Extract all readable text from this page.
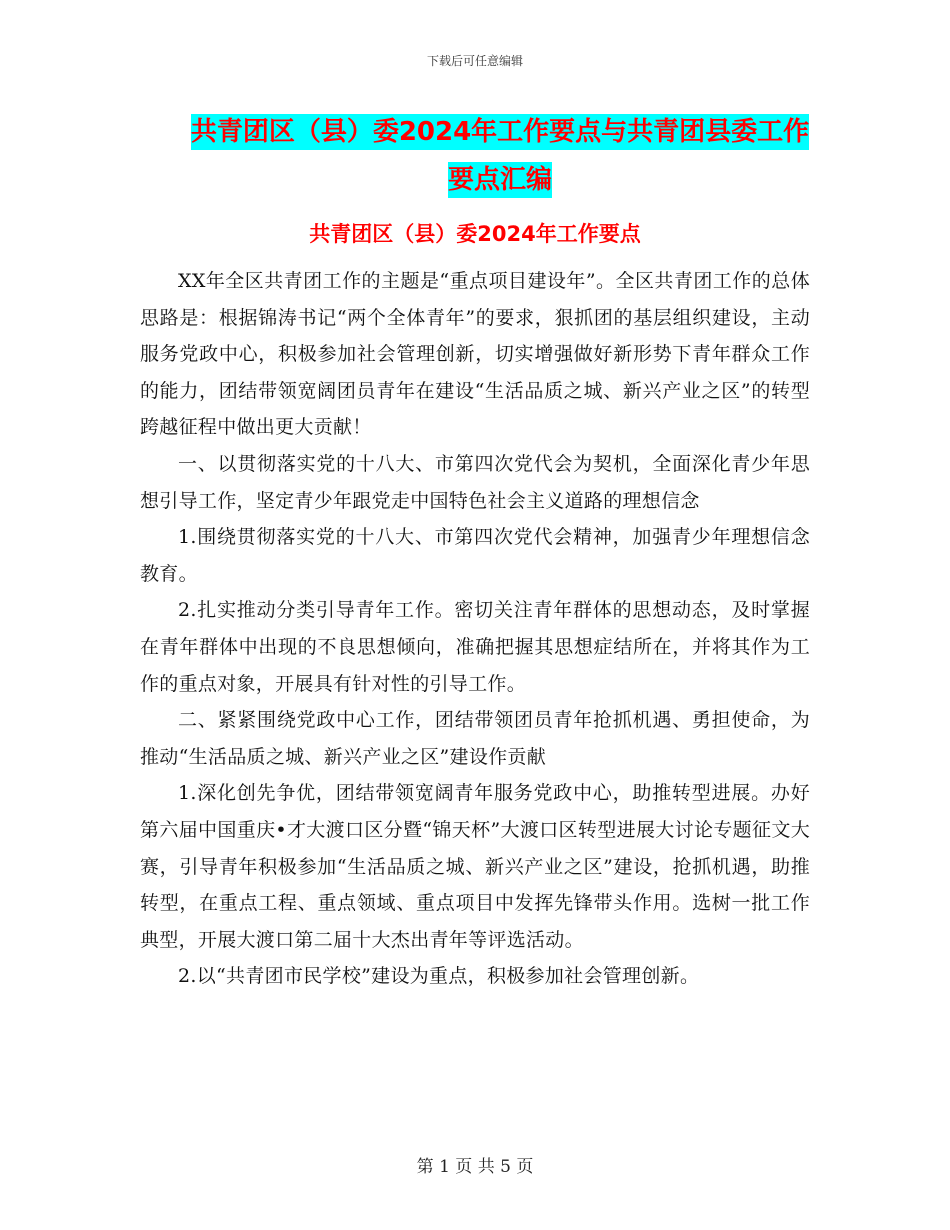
下载后可任意编辑
共青团区（县）委2024年工作要点与共青团县委工作
要点汇编
共青团区（县）委2024年工作要点

XX年全区共青团工作的主题是“重点项目建设年”。全区共青团工作的总体思路是：根据锦涛书记“两个全体青年”的要求，狠抓团的基层组织建设，主动服务党政中心，积极参加社会管理创新，切实增强做好新形势下青年群众工作的能力，团结带领宽阔团员青年在建设“生活品质之城、新兴产业之区”的转型跨越征程中做出更大贡献！

一、以贯彻落实党的十八大、市第四次党代会为契机，全面深化青少年思想引导工作，坚定青少年跟党走中国特色社会主义道路的理想信念

1.围绕贯彻落实党的十八大、市第四次党代会精神，加强青少年理想信念教育。

2.扎实推动分类引导青年工作。密切关注青年群体的思想动态，及时掌握在青年群体中出现的不良思想倾向，准确把握其思想症结所在，并将其作为工作的重点对象，开展具有针对性的引导工作。

二、紧紧围绕党政中心工作，团结带领团员青年抢抓机遇、勇担使命，为推动“生活品质之城、新兴产业之区”建设作贡献

1.深化创先争优，团结带领宽阔青年服务党政中心，助推转型进展。办好第六届中国重庆•才大渡口区分暨“锦天杯”大渡口区转型进展大讨论专题征文大赛，引导青年积极参加“生活品质之城、新兴产业之区”建设，抢抓机遇，助推转型，在重点工程、重点领域、重点项目中发挥先锋带头作用。选树一批工作典型，开展大渡口第二届十大杰出青年等评选活动。

2.以“共青团市民学校”建设为重点，积极参加社会管理创新。

第 1 页 共 5 页
